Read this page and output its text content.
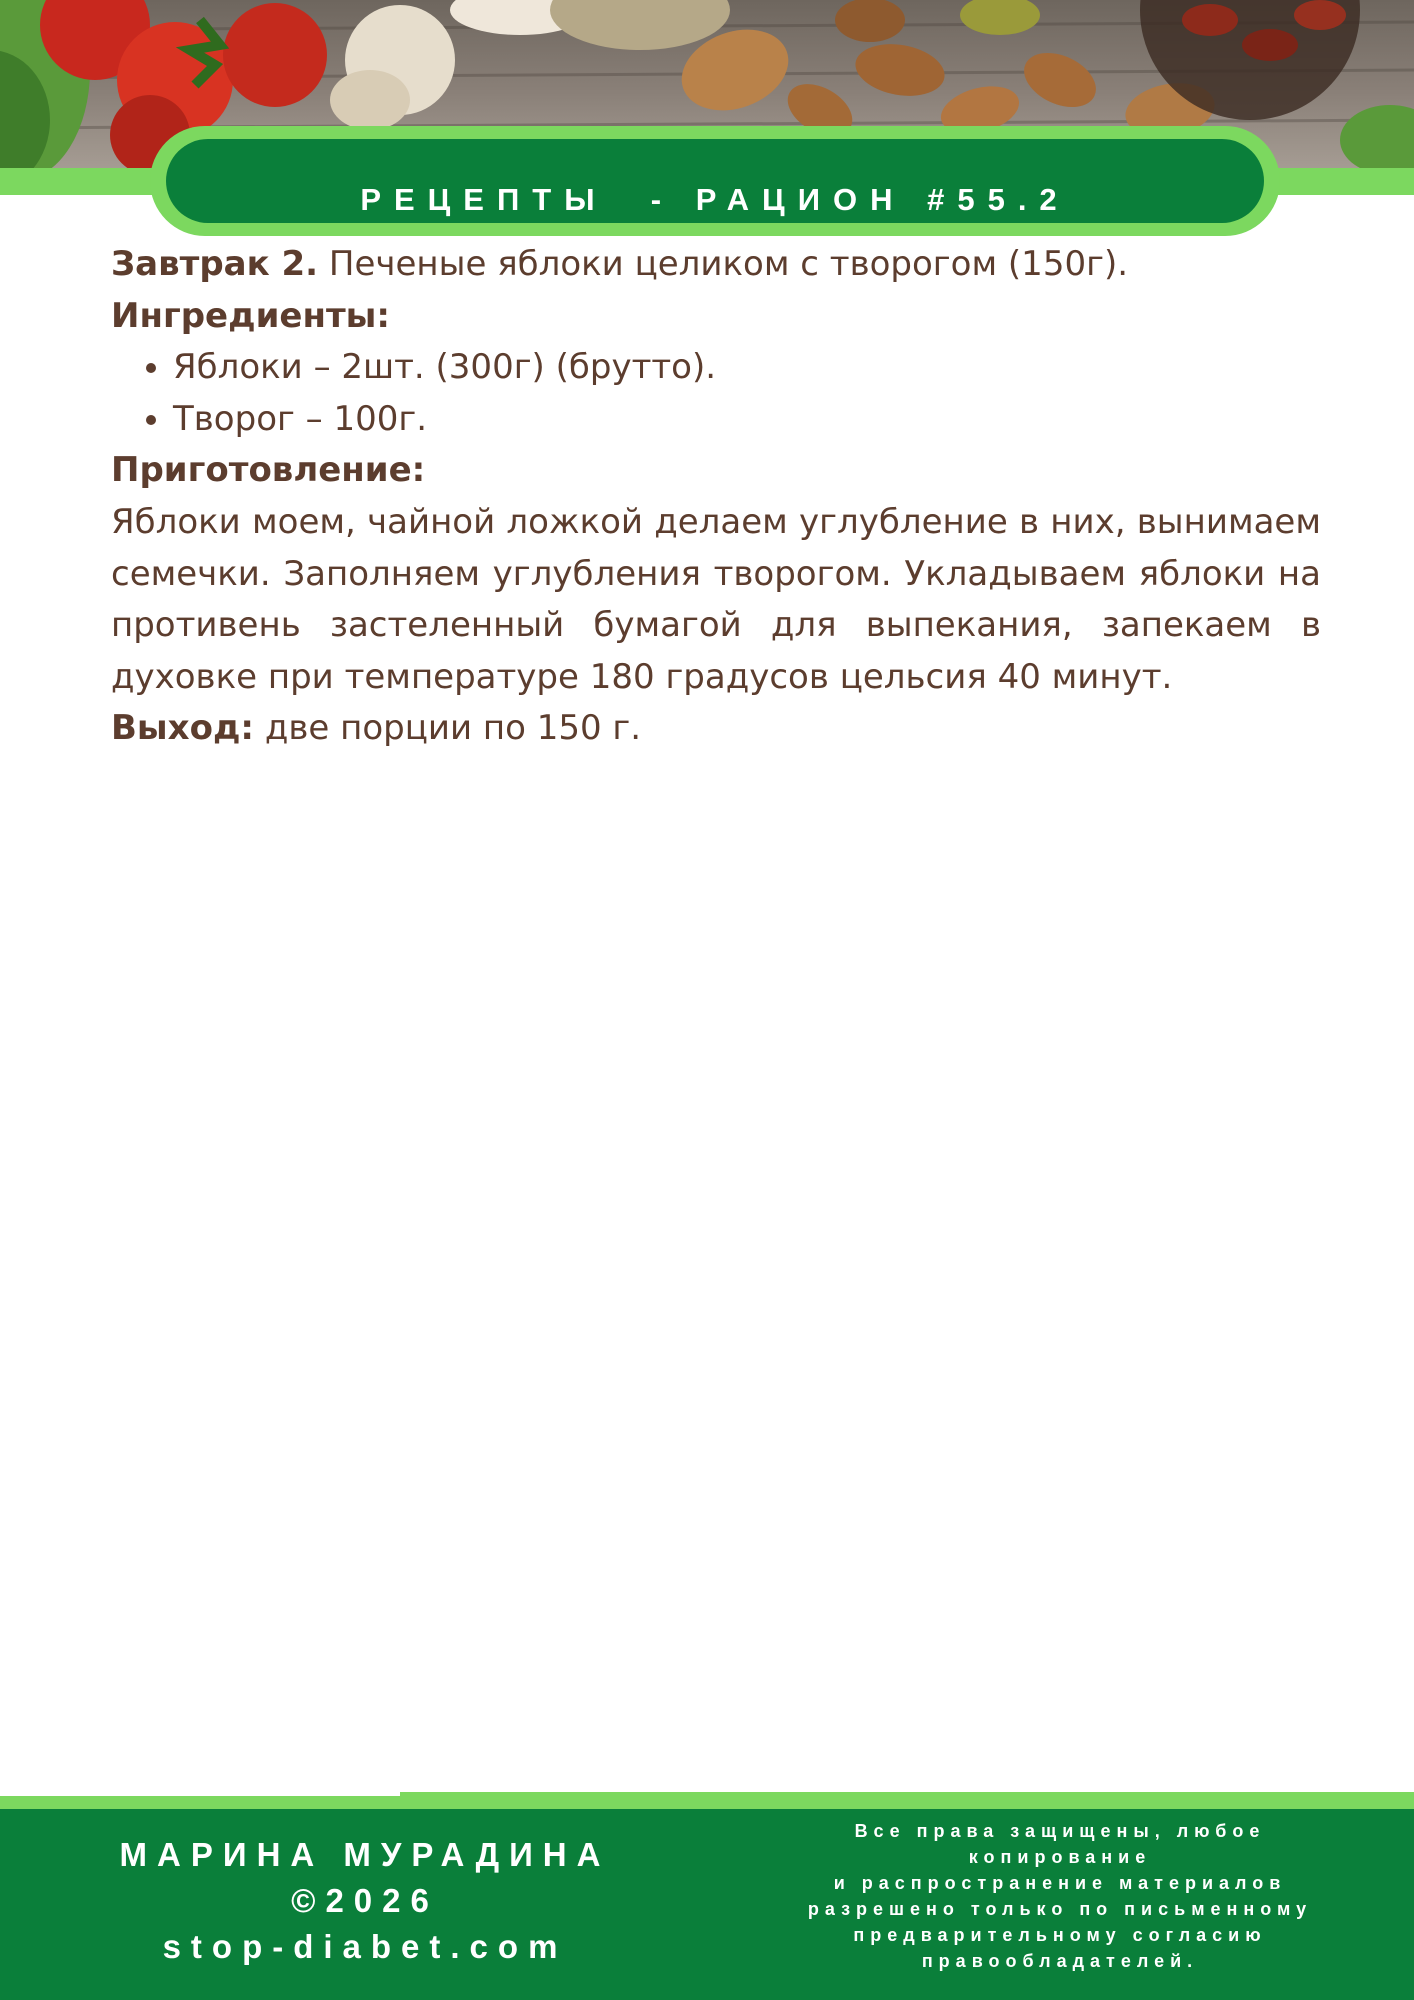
РЕЦЕПТЫ  - РАЦИОН #55.2

Завтрак 2. Печеные яблоки целиком с творогом (150г).

Ингредиенты:

• Яблоки – 2шт. (300г) (брутто).
• Творог – 100г.

Приготовление:

Яблоки моем, чайной ложкой делаем углубление в них, вынимаем семечки. Заполняем углубления творогом. Укладываем яблоки на противень застеленный бумагой для выпекания, запекаем в духовке при температуре 180 градусов цельсия 40 минут.

Выход: две порции по 150 г.

МАРИНА МУРАДИНА
©2026
stop-diabet.com
Все права защищены, любое
копирование
и распространение материалов
разрешено только по письменному
предварительному согласию
правообладателей.
